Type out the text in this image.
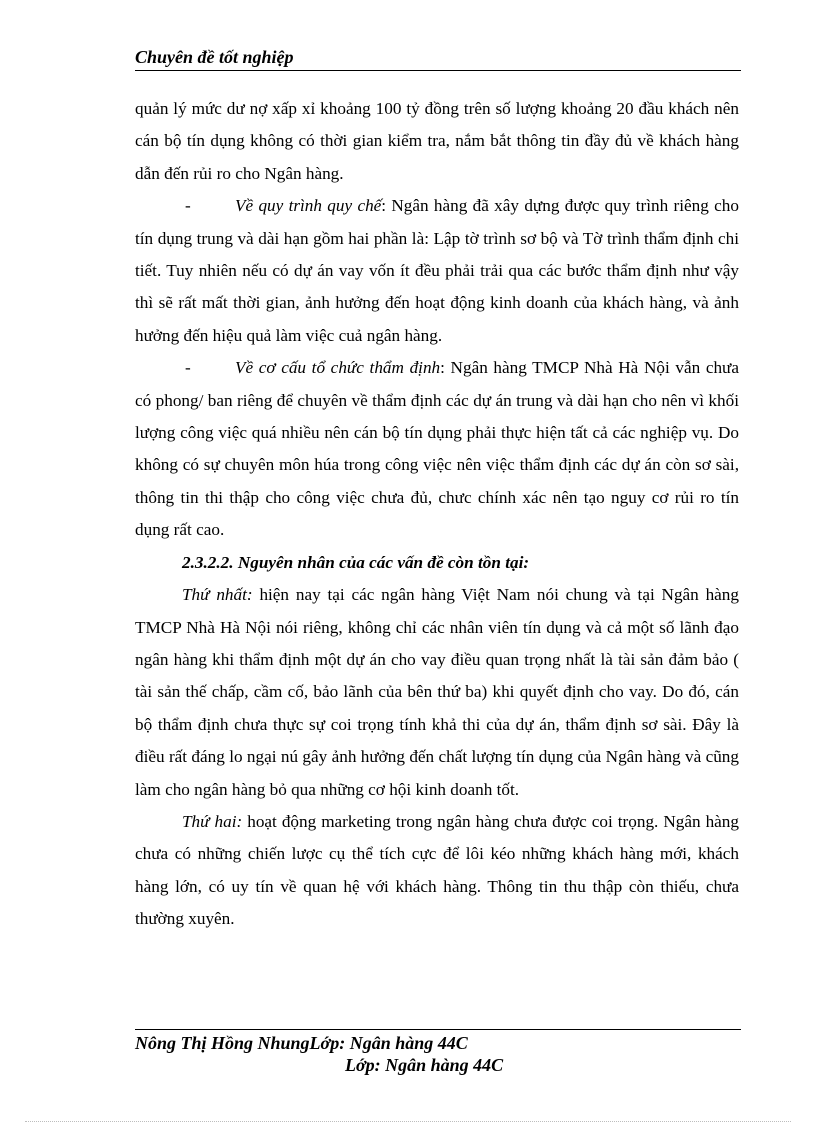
Chuyên đề tốt nghiệp

quản lý mức dư nợ xấp xỉ khoảng 100 tỷ đồng trên số lượng khoảng 20 đầu khách nên cán bộ tín dụng không có thời gian kiểm tra, nắm bắt thông tin đầy đủ về khách hàng dẫn đến rủi ro cho Ngân hàng.

-	Về quy trình quy chế: Ngân hàng đã xây dựng được quy trình riêng cho tín dụng trung và dài hạn gồm hai phần là: Lập tờ trình sơ bộ và Tờ trình thẩm định chi tiết. Tuy nhiên nếu có dự án vay vốn ít đều phải trải qua các bước thẩm định như vậy thì sẽ rất mất thời gian, ảnh hưởng đến hoạt động kinh doanh của khách hàng, và ảnh hưởng đến hiệu quả làm việc cuả ngân hàng.

-	Về cơ cấu tổ chức thẩm định: Ngân hàng TMCP Nhà Hà Nội vẫn chưa có phong/ ban riêng để chuyên về thẩm định các dự án trung và dài hạn cho nên vì khối lượng công việc quá nhiều nên cán bộ tín dụng phải thực hiện tất cả các nghiệp vụ. Do không có sự chuyên môn húa trong công việc nên việc thẩm định các dự án còn sơ sài, thông tin thi thập cho công việc chưa đủ, chưc chính xác nên tạo nguy cơ rủi ro tín dụng rất cao.

2.3.2.2. Nguyên nhân của các vấn đề còn tồn tại:

Thứ nhất: hiện nay tại các ngân hàng Việt Nam nói chung và tại Ngân hàng TMCP Nhà Hà Nội nói riêng, không chỉ các nhân viên tín dụng và cả một số lãnh đạo ngân hàng khi thẩm định một dự án cho vay điều quan trọng nhất là tài sản đảm bảo ( tài sản thế chấp, cầm cố, bảo lãnh của bên thứ ba) khi quyết định cho vay. Do đó, cán bộ thẩm định chưa thực sự coi trọng tính khả thi của dự án, thẩm định sơ sài. Đây là điều rất đáng lo ngại nú gây ảnh hưởng đến chất lượng tín dụng của Ngân hàng và cũng làm cho ngân hàng bỏ qua những cơ hội kinh doanh tốt.

Thứ hai: hoạt động marketing trong ngân hàng chưa được coi trọng. Ngân hàng chưa có những chiến lược cụ thể tích cực để lôi kéo những khách hàng mới, khách hàng lớn, có uy tín về quan hệ với khách hàng. Thông tin thu thập còn thiếu, chưa thường xuyên.

Nông Thị Hồng NhungLớp: Ngân hàng 44C
Lớp: Ngân hàng 44C
